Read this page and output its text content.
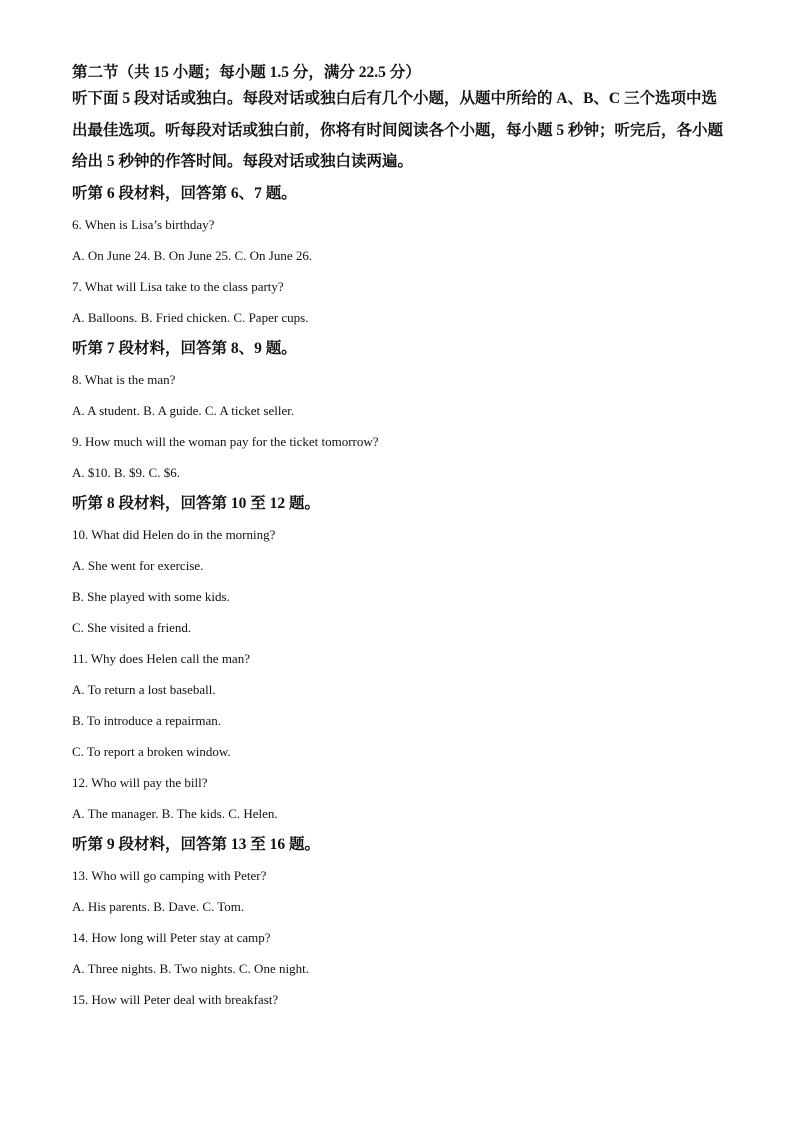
第二节（共 15 小题；每小题 1.5 分，满分 22.5 分）

听下面 5 段对话或独白。每段对话或独白后有几个小题，从题中所给的 A、B、C 三个选项中选出最佳选项。听每段对话或独白前，你将有时间阅读各个小题，每小题 5 秒钟；听完后，各小题给出 5 秒钟的作答时间。每段对话或独白读两遍。

听第 6 段材料，回答第 6、7 题。

6. When is Lisa’s birthday?

A. On June 24. B. On June 25. C. On June 26.

7. What will Lisa take to the class party?

A. Balloons. B. Fried chicken. C. Paper cups.

听第 7 段材料，回答第 8、9 题。

8. What is the man?

A. A student. B. A guide. C. A ticket seller.

9. How much will the woman pay for the ticket tomorrow?

A. $10. B. $9. C. $6.

听第 8 段材料，回答第 10 至 12 题。

10. What did Helen do in the morning?

A. She went for exercise.

B. She played with some kids.

C. She visited a friend.

11. Why does Helen call the man?

A. To return a lost baseball.

B. To introduce a repairman.

C. To report a broken window.

12. Who will pay the bill?

A. The manager. B. The kids. C. Helen.

听第 9 段材料，回答第 13 至 16 题。

13. Who will go camping with Peter?

A. His parents. B. Dave. C. Tom.

14. How long will Peter stay at camp?

A. Three nights. B. Two nights. C. One night.

15. How will Peter deal with breakfast?
